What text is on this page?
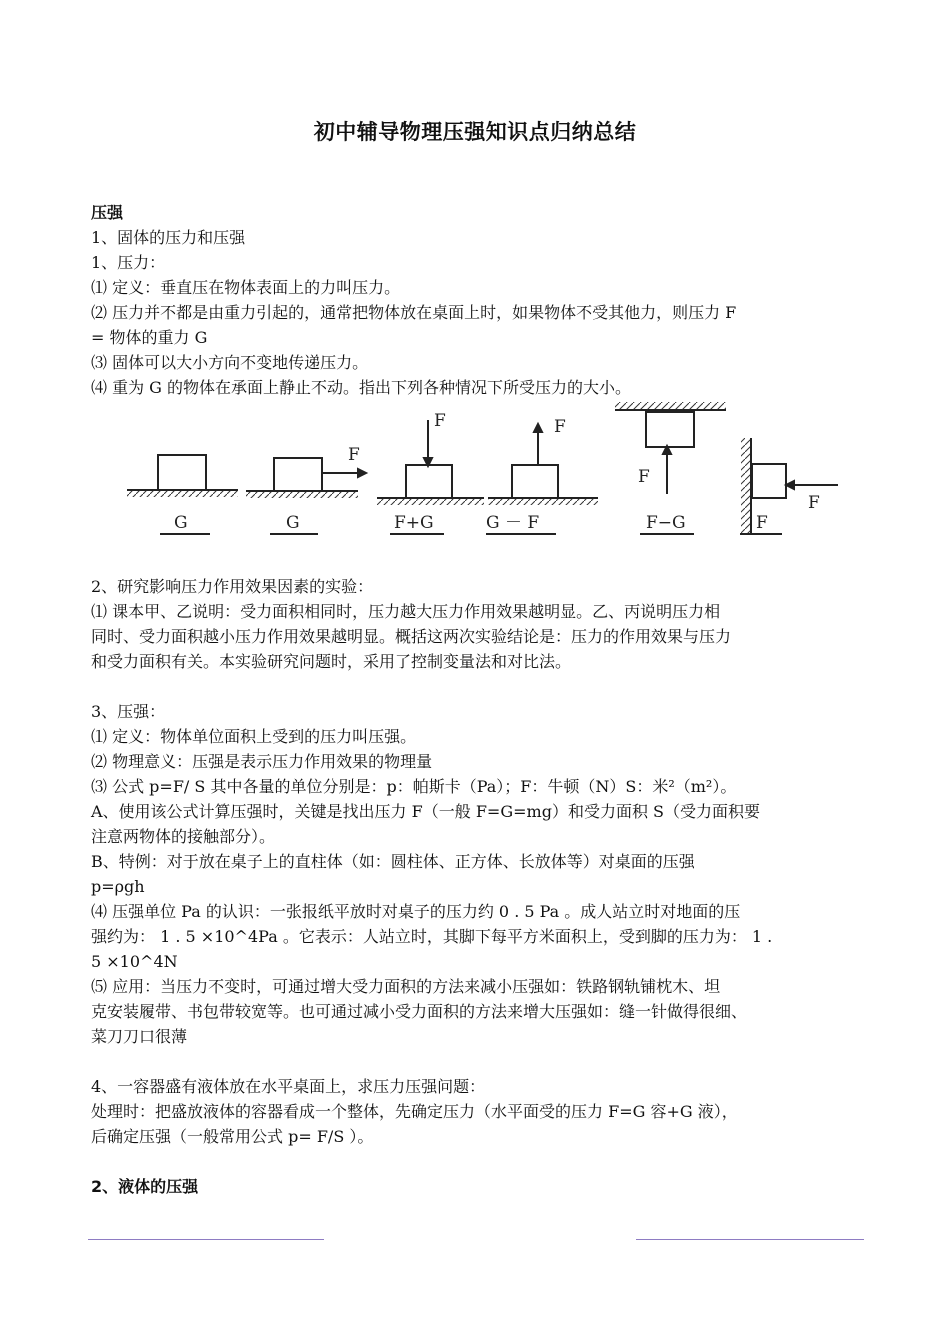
初中辅导物理压强知识点归纳总结
压强
1、固体的压力和压强
1、压力：
⑴ 定义：垂直压在物体表面上的力叫压力。
⑵ 压力并不都是由重力引起的，通常把物体放在桌面上时，如果物体不受其他力，则压力 F
= 物体的重力 G
⑶ 固体可以大小方向不变地传递压力。
⑷ 重为 G 的物体在承面上静止不动。指出下列各种情况下所受压力的大小。
2、研究影响压力作用效果因素的实验：
⑴ 课本甲、乙说明：受力面积相同时，压力越大压力作用效果越明显。乙、丙说明压力相
同时、受力面积越小压力作用效果越明显。概括这两次实验结论是：压力的作用效果与压力
和受力面积有关。本实验研究问题时，采用了控制变量法和对比法。
3、压强：
⑴ 定义：物体单位面积上受到的压力叫压强。
⑵ 物理意义：压强是表示压力作用效果的物理量
⑶ 公式 p=F/ S 其中各量的单位分别是：p：帕斯卡（Pa）；F：牛顿（N）S：米²（m²）。
A、使用该公式计算压强时，关键是找出压力 F（一般 F=G=mg）和受力面积 S（受力面积要
注意两物体的接触部分）。
B、特例：对于放在桌子上的直柱体（如：圆柱体、正方体、长放体等）对桌面的压强
p=ρgh
⑷ 压强单位 Pa 的认识：一张报纸平放时对桌子的压力约 0 . 5 Pa 。成人站立时对地面的压
强约为： 1 . 5 ×10^4Pa 。它表示：人站立时，其脚下每平方米面积上，受到脚的压力为： 1 .
5 ×10^4N
⑸ 应用：当压力不变时，可通过增大受力面积的方法来减小压强如：铁路钢轨铺枕木、坦
克安装履带、书包带较宽等。也可通过减小受力面积的方法来增大压强如：缝一针做得很细、
菜刀刀口很薄
4、一容器盛有液体放在水平桌面上，求压力压强问题：
处理时：把盛放液体的容器看成一个整体，先确定压力（水平面受的压力 F=G 容+G 液），
后确定压强（一般常用公式 p= F/S ）。
2、液体的压强
F
F	F
F
F
G	G	F+G	G － F	F−G	F
